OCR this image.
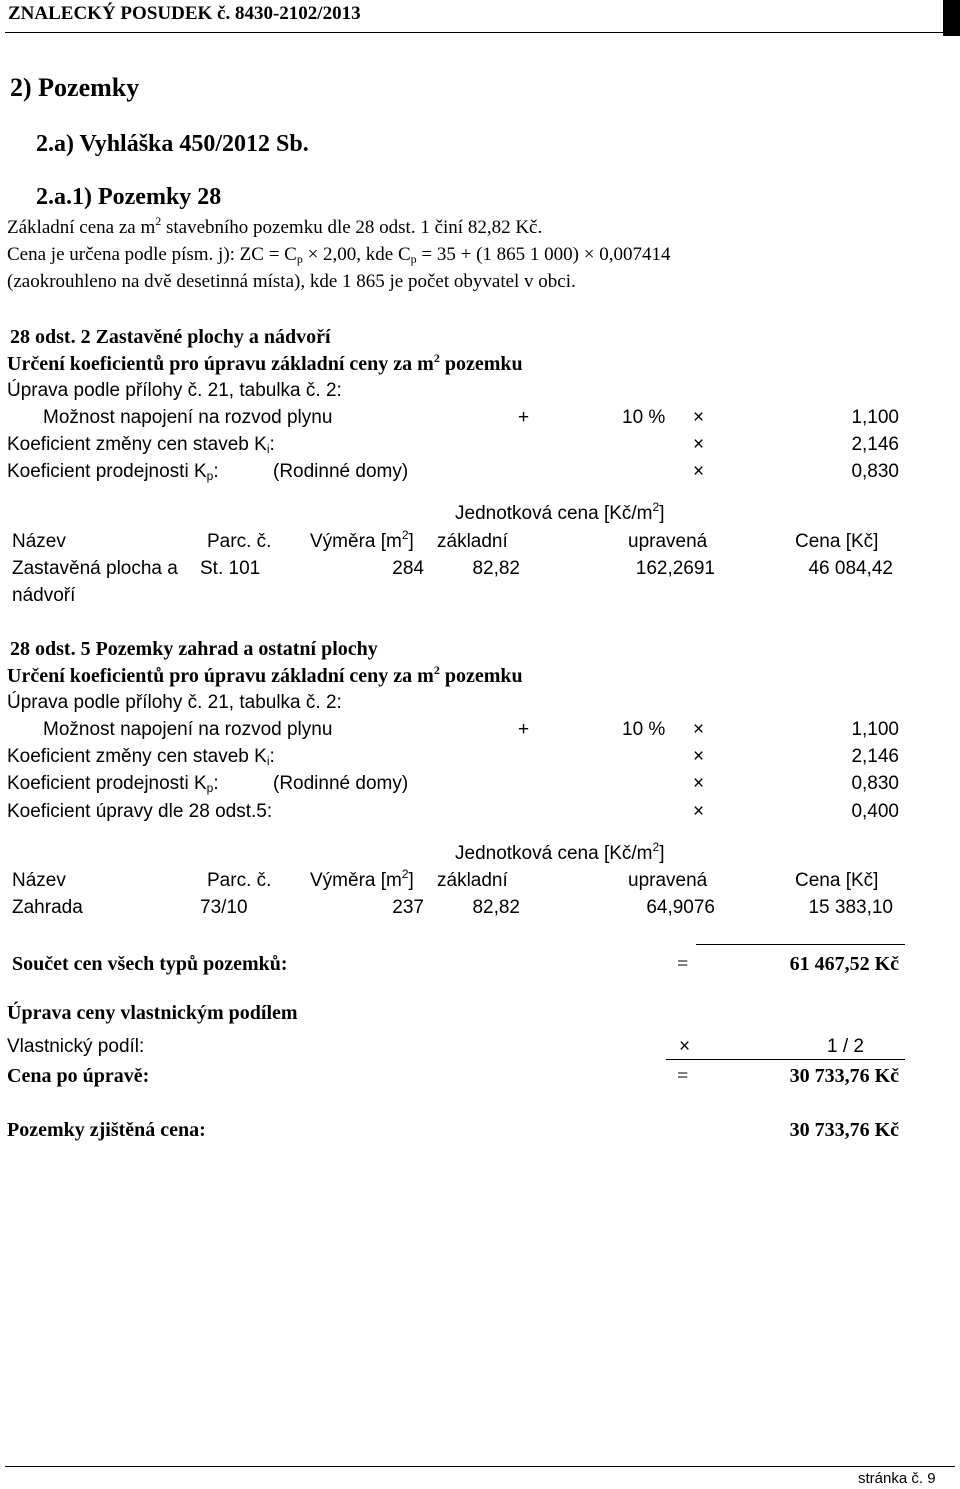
ZNALECKÝ POSUDEK č. 8430-2102/2013
2) Pozemky
2.a) Vyhláška 450/2012 Sb.
2.a.1) Pozemky 28
Základní cena za $m^2$ stavebního pozemku dle 28 odst. 1 činí 82,82 Kč.
Cena je určena podle písm. j): ZC = $C_p \times 2,00$, kde $C_p = 35 + (1$ 865 1 000) × 0,007414
(zaokrouhleno na dvě desetinná místa), kde 1 865 je počet obyvatel v obci.
28 odst. 2 Zastavěné plochy a nádvoří
Určení koeficientů pro úpravu základní ceny za $m^2$ pozemku
Úprava podle přílohy č. 21, tabulka č. 2:
Možnost napojení na rozvod plynu	+	10 % ×	1,100
Koeficient změny cen staveb $K_i$:	×	2,146
Koeficient prodejnosti $K_p$:	(Rodinné domy)	×	0,830
Jednotková cena $[Kč/m^2]$
Název	Parc. č. Výměra $[m^2]$ základní	upravená	Cena [Kč]
Zastavěná plocha a
nádvoří
St. 101	284	82,82	162,2691	46 084,42
28 odst. 5 Pozemky zahrad a ostatní plochy
Určení koeficientů pro úpravu základní ceny za $m^2$ pozemku
Úprava podle přílohy č. 21, tabulka č. 2:
Možnost napojení na rozvod plynu	+	10 % ×	1,100
Koeficient změny cen staveb $K_i$:	×	2,146
Koeficient prodejnosti $K_p$:	(Rodinné domy)	×	0,830
Koeficient úpravy dle 28 odst.5:	×	0,400
Jednotková cena $[Kč/m^2]$
Název	Parc. č. Výměra $[m^2]$ základní	upravená	Cena [Kč]
Zahrada	73/10	237	82,82	64,9076	15 383,10
Součet cen všech typů pozemků:	=	61 467,52 Kč
Úprava ceny vlastnickým podílem
Vlastnický podíl:	×	1 / 2
Cena po úpravě:	=	30 733,76 Kč
Pozemky zjištěná cena:	30 733,76 Kč
stránka č. 9
